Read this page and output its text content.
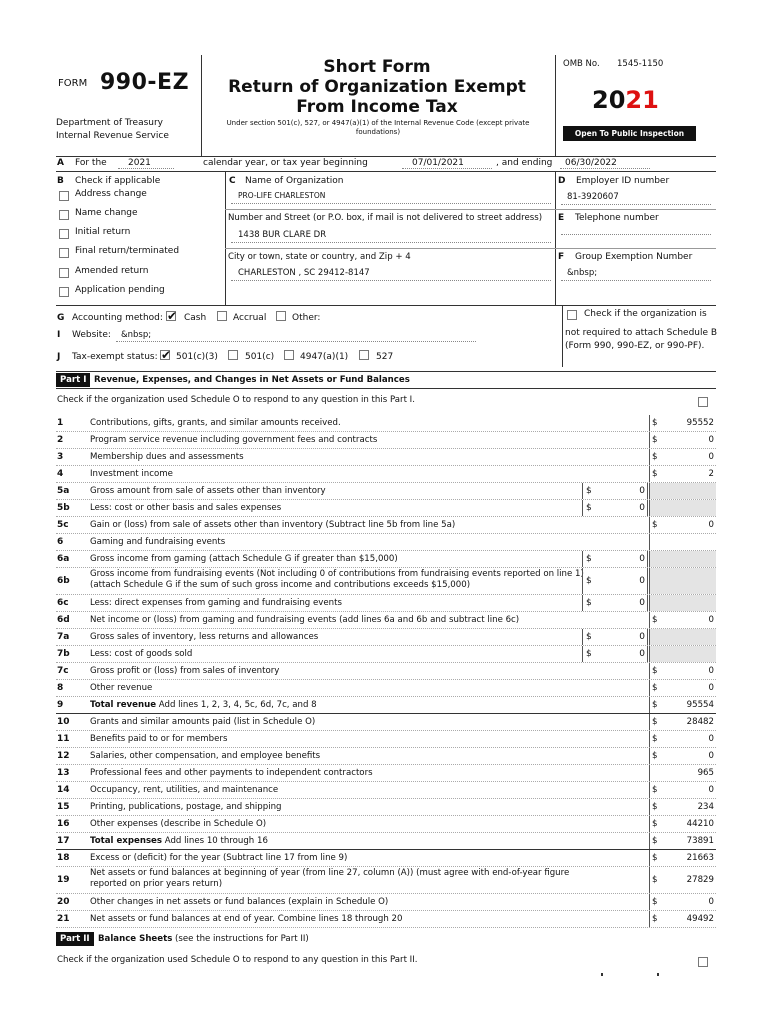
FORM 990-EZ
Department of Treasury
Internal Revenue Service
Short Form
Return of Organization Exempt
From Income Tax
Under section 501(c), 527, or 4947(a)(1) of the Internal Revenue Code (except private foundations)
OMB No. 1545-1150
2021
Open To Public Inspection
A For the	2021	calendar year, or tax year beginning	07/01/2021	, and ending	06/30/2022
B Check if applicable
Address change
Name change
Initial return
Final return/terminated
Amended return
Application pending
C Name of Organization
PRO-LIFE CHARLESTON
Number and Street (or P.O. box, if mail is not delivered to street address)
1438 BUR CLARE DR
City or town, state or country, and Zip + 4
CHARLESTON , SC 29412-8147
D Employer ID number
81-3920607
E Telephone number
F Group Exemption Number
&nbsp;
G Accounting method: ✔ Cash	Accrual	Other:	Check if the organization is
not required to attach Schedule B
(Form 990, 990-EZ, or 990-PF).
I Website:	&nbsp;
J Tax-exempt status: ✔ 501(c)(3)	501(c)	4947(a)(1)	527
Part I Revenue, Expenses, and Changes in Net Assets or Fund Balances
Check if the organization used Schedule O to respond to any question in this Part I.
1	Contributions, gifts, grants, and similar amounts received.	$	95552
2	Program service revenue including government fees and contracts	$	0
3	Membership dues and assessments	$	0
4	Investment income	$	2
5a Gross amount from sale of assets other than inventory	$	0
5b Less: cost or other basis and sales expenses	$	0
5c Gain or (loss) from sale of assets other than inventory (Subtract line 5b from line 5a)	$	0
6	Gaming and fundraising events
6a Gross income from gaming (attach Schedule G if greater than $15,000)	$	0
6b
Gross income from fundraising events (Not including 0 of contributions from fundraising events reported on line 1) (attach Schedule G if the sum of such gross income and contributions exceeds $15,000)	$	0
6c Less: direct expenses from gaming and fundraising events	$	0
6d Net income or (loss) from gaming and fundraising events (add lines 6a and 6b and subtract line 6c)	$	0
7a Gross sales of inventory, less returns and allowances	$	0
7b Less: cost of goods sold	$	0
7c Gross profit or (loss) from sales of inventory	$	0
8	Other revenue	$	0
9	Total revenue Add lines 1, 2, 3, 4, 5c, 6d, 7c, and 8	$	95554
10 Grants and similar amounts paid (list in Schedule O)	$	28482
11 Benefits paid to or for members	$	0
12 Salaries, other compensation, and employee benefits	$	0
13 Professional fees and other payments to independent contractors	965
14 Occupancy, rent, utilities, and maintenance	$	0
15 Printing, publications, postage, and shipping	$	234
16 Other expenses (describe in Schedule O)	$	44210
17 Total expenses Add lines 10 through 16	$	73891
18 Excess or (deficit) for the year (Subtract line 17 from line 9)	$	21663
19
Net assets or fund balances at beginning of year (from line 27, column (A)) (must agree with end-of-year figure reported on prior years return)	$	27829
20 Other changes in net assets or fund balances (explain in Schedule O)	$	0
21 Net assets or fund balances at end of year. Combine lines 18 through 20	$	49492
Part II Balance Sheets (see the instructions for Part II)
Check if the organization used Schedule O to respond to any question in this Part II.
